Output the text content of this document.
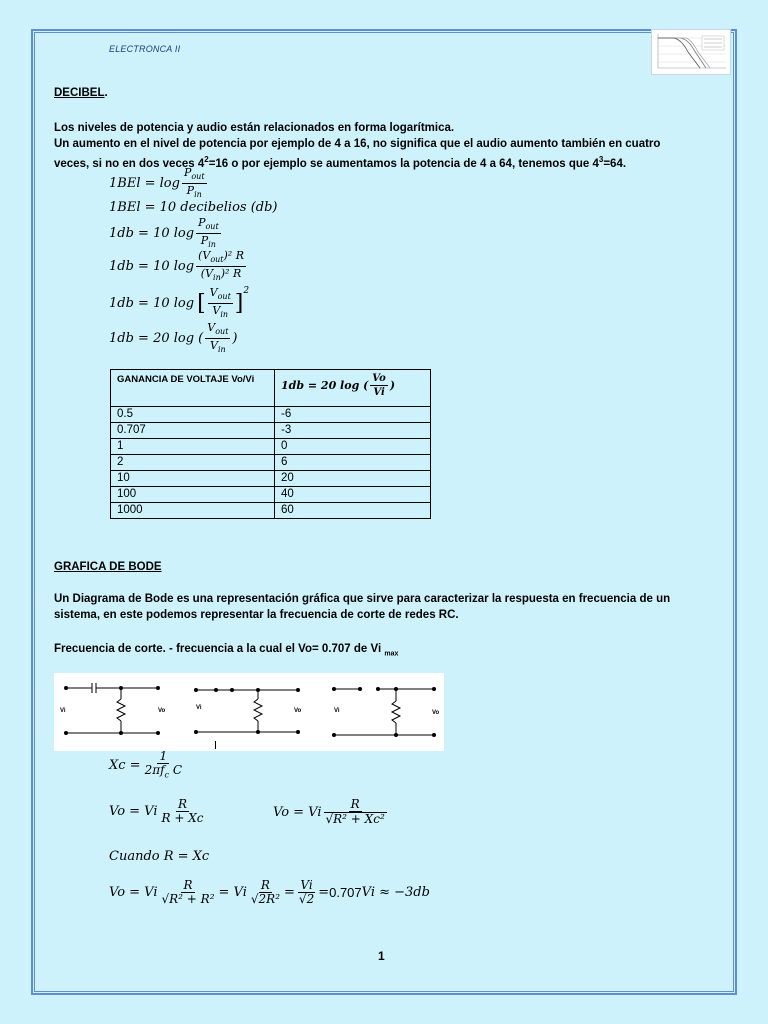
ELECTRONCA II
DECIBEL.
Los niveles de potencia y audio están relacionados en forma logarítmica.
Un aumento en el nivel de potencia por ejemplo de 4 a 16, no significa que el audio aumento también en cuatro
veces, si no en dos veces $4^2=16$ o por ejemplo se aumentamos la potencia de 4 a 64, tenemos que $4^3=64$.
$1BEl = \log \frac{P_{out}}{P_{in}}$
1BEl = 10 decibelios (db)
1db = 10 $\log \frac{P_{out}}{P_{in}}$
1db = 10 $\log \frac{(V_{out})^2 R}{(V_{in})^2 R}$
1db = 10 log [ $\frac{V_{out}}{V_{in}}$ ]
$^2$
1db = 20 log ( $\frac{V_{out}}{V_{in}}$ )
GANANCIA DE VOLTAJE Vo/Vi	1db = 20 log ( $\frac{Vo}{Vi}$ )

0.5	-6
0.707	-3
1	0
2	6
10	20
100	40
1000	60
GRAFICA DE BODE
Un Diagrama de Bode es una representación gráfica que sirve para caracterizar la respuesta en frecuencia de un
sistema, en este podemos representar la frecuencia de corte de redes RC.
Frecuencia de corte. - frecuencia a la cual el Vo= 0.707 de Vi $_{max}$
Vi	Vo	Vi	Vo	Vi	Vo
$Xc = \frac{1}{2\pi f_c C}$
Vo = Vi $\frac{R}{R + Xc}$	Vo = Vi $\frac{R}{\text{√R² + Xc²}}$
Cuando R = Xc
Vo = Vi $\frac{R}{\text{√R² + R²}} = Vi \frac{R}{\text{√2R²}} = \frac{Vi}{√2} = 0.707$ Vi ≈ −3db
1
